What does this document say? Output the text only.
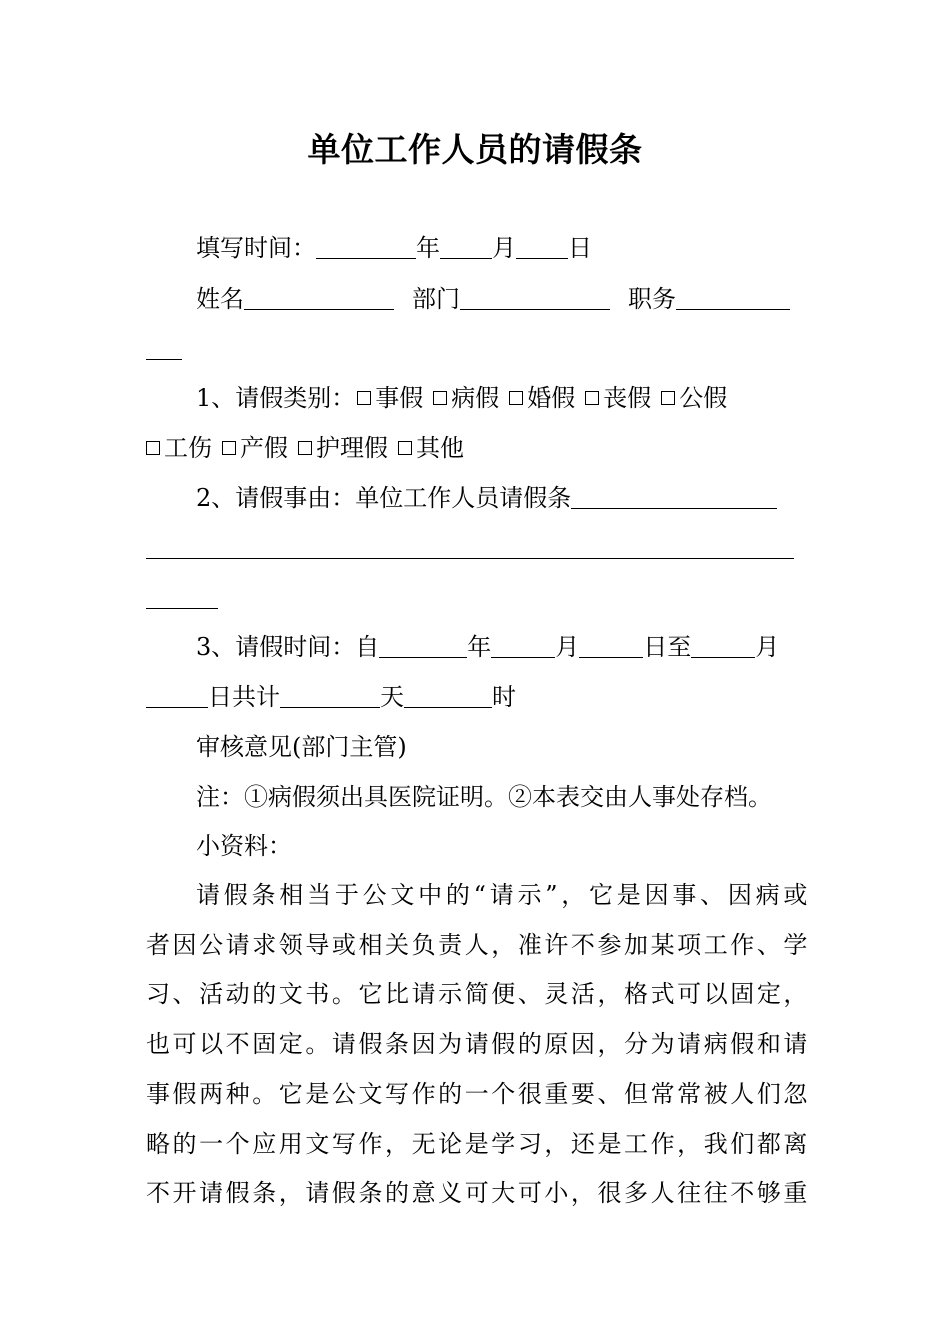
单位工作人员的请假条
填写时间：	年 月 日
姓名	部门	职务
1、请假类别： 事假 病假 婚假 丧假 公假
工伤 产假 护理假 其他
2、请假事由：单位工作人员请假条
3、请假时间：自	年	月	日至	月
日共计	天	时
审核意见(部门主管)
注：①病假须出具医院证明。②本表交由人事处存档。
小资料：
请假条相当于公文中的“请示”，它是因事、因病或
者因公请求领导或相关负责人，准许不参加某项工作、学
习、活动的文书。它比请示简便、灵活，格式可以固定，
也可以不固定。请假条因为请假的原因，分为请病假和请
事假两种。它是公文写作的一个很重要、但常常被人们忽
略的一个应用文写作，无论是学习，还是工作，我们都离
不开请假条，请假条的意义可大可小，很多人往往不够重
